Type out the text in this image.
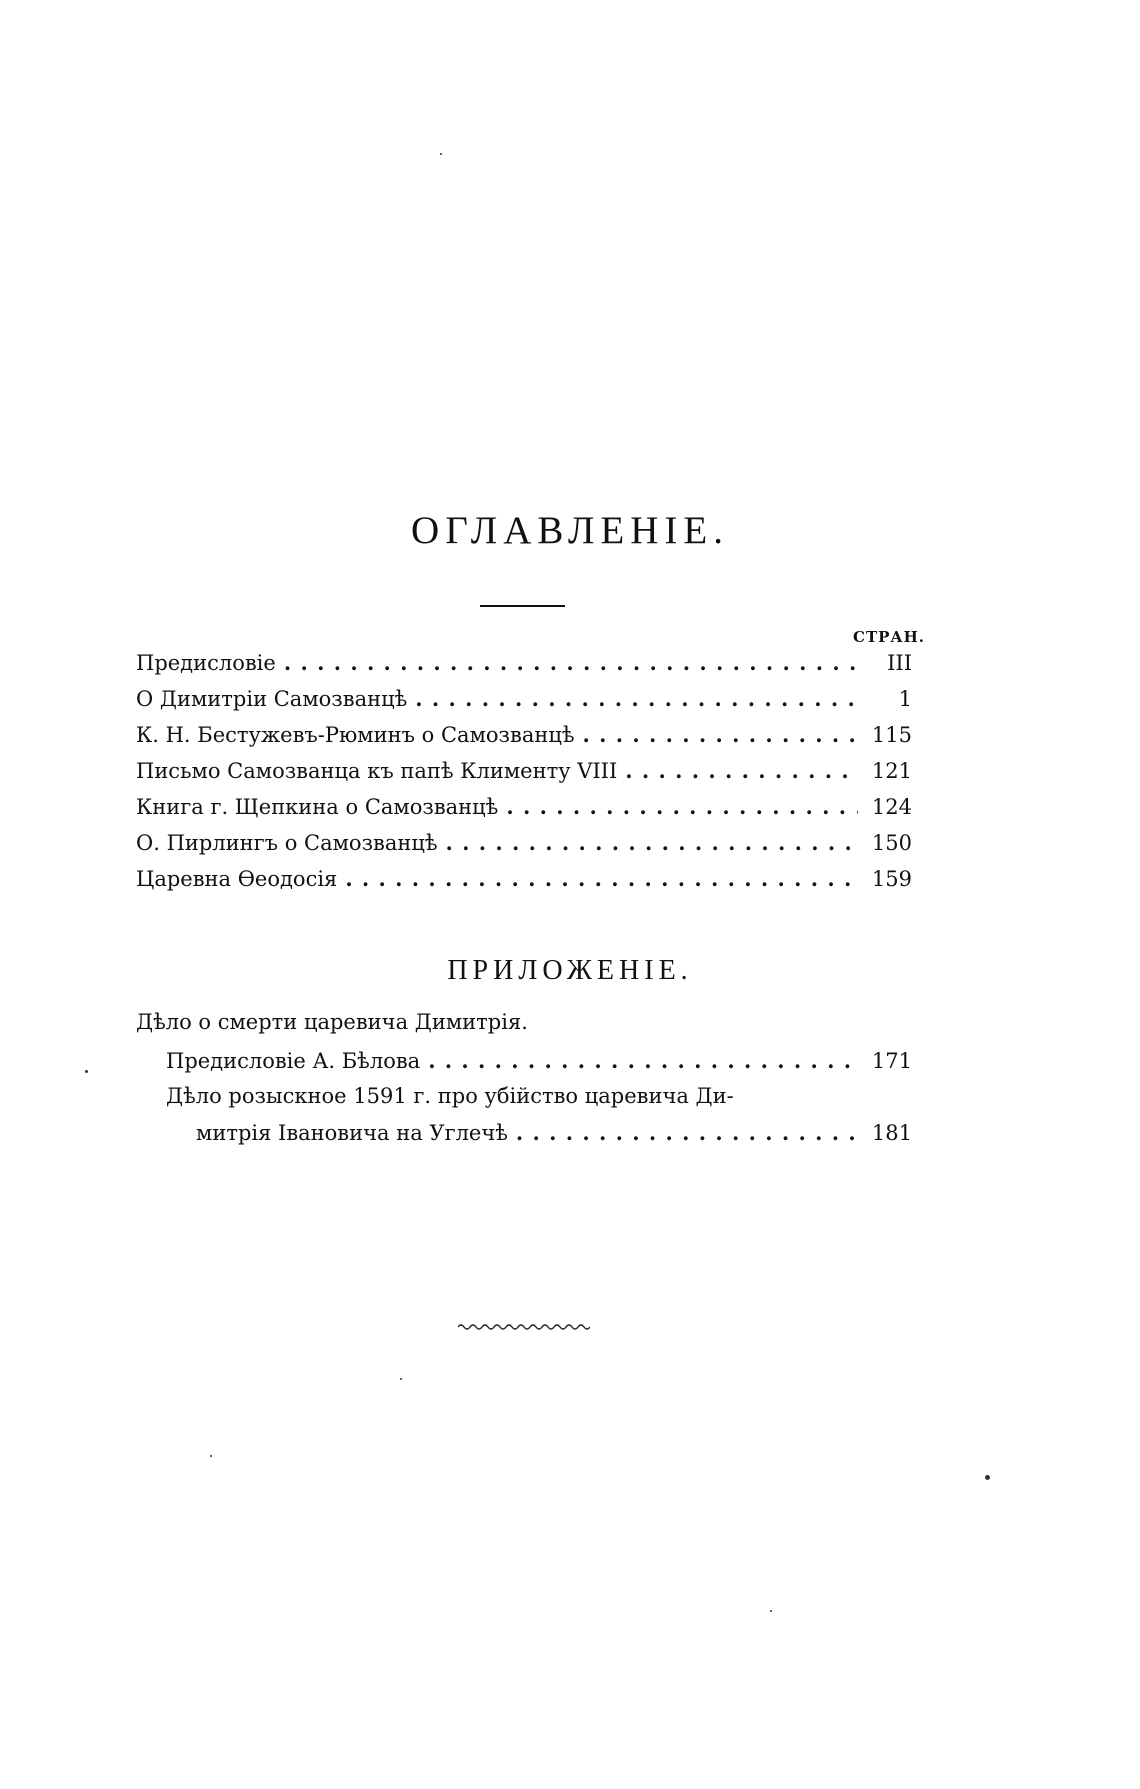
ОГЛАВЛЕНІЕ.
СТРАН.
Предисловіе . . .	III
О Димитріи Самозванцѣ . . .	1
К. Н. Бестужевъ-Рюминъ о Самозванцѣ . . .	115
Письмо Самозванца къ папѣ Клименту VIII . . .	121
Книга г. Щепкина о Самозванцѣ . . .	124
О. Пирлингъ о Самозванцѣ . . .	150
Царевна Ѳеодосія . . .	159
ПРИЛОЖЕНІЕ.
Дѣло о смерти царевича Димитрія.
Предисловіе А. Бѣлова . . .	171
Дѣло розыскное 1591 г. про убійство царевича Ди-
митрія Івановича на Углечѣ . . .	181
